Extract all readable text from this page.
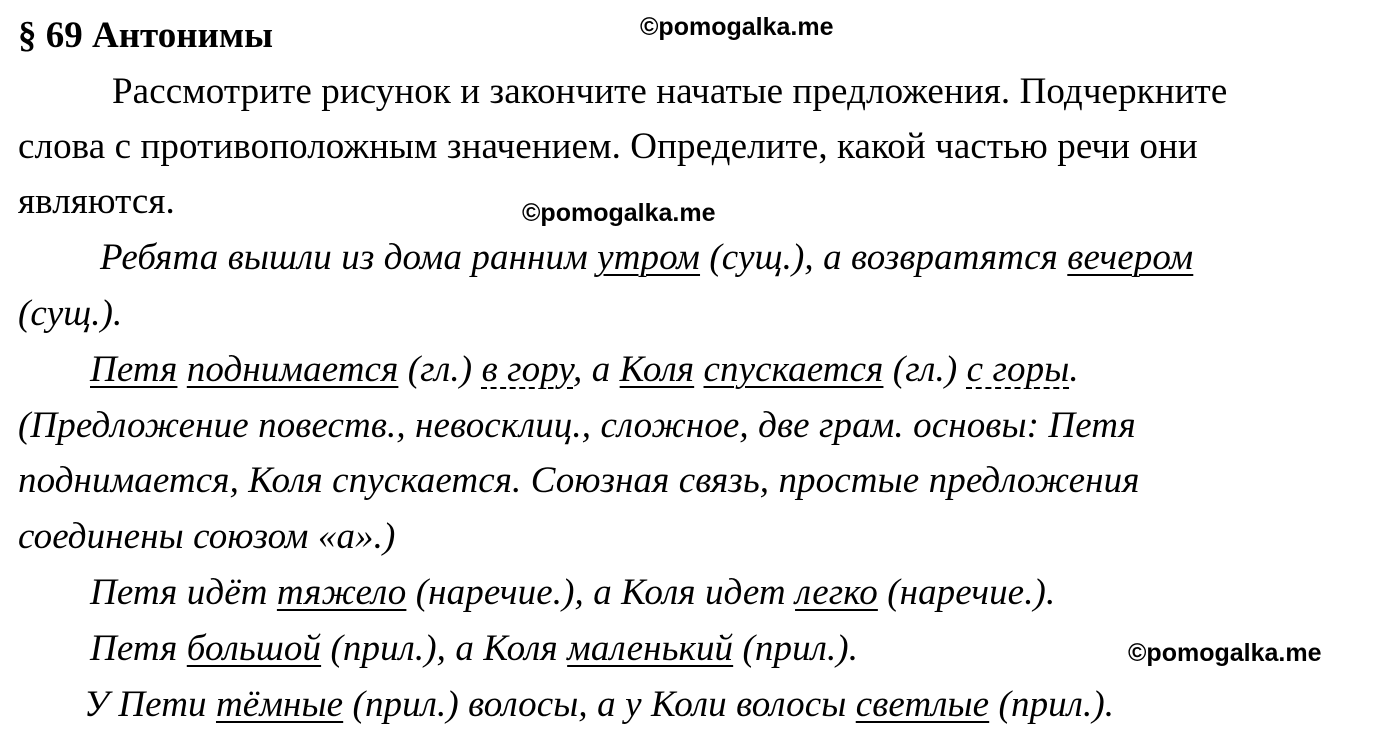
§ 69 Антонимы	©pomogalka.me
©pomogalka.me
©pomogalka.me
Рассмотрите рисунок и закончите начатые предложения. Подчеркните
слова с противоположным значением. Определите, какой частью речи они
являются.
Ребята вышли из дома ранним утром (сущ.), а возвратятся вечером
(сущ.).
Петя поднимается (гл.) в гору, а Коля спускается (гл.) с горы.
(Предложение повеств., невосклиц., сложное, две грам. основы: Петя
поднимается, Коля спускается. Союзная связь, простые предложения
соединены союзом «а».)
Петя идёт тяжело (наречие.), а Коля идет легко (наречие.).
Петя большой (прил.), а Коля маленький (прил.).
У Пети тёмные (прил.) волосы, а у Коли волосы светлые (прил.).
